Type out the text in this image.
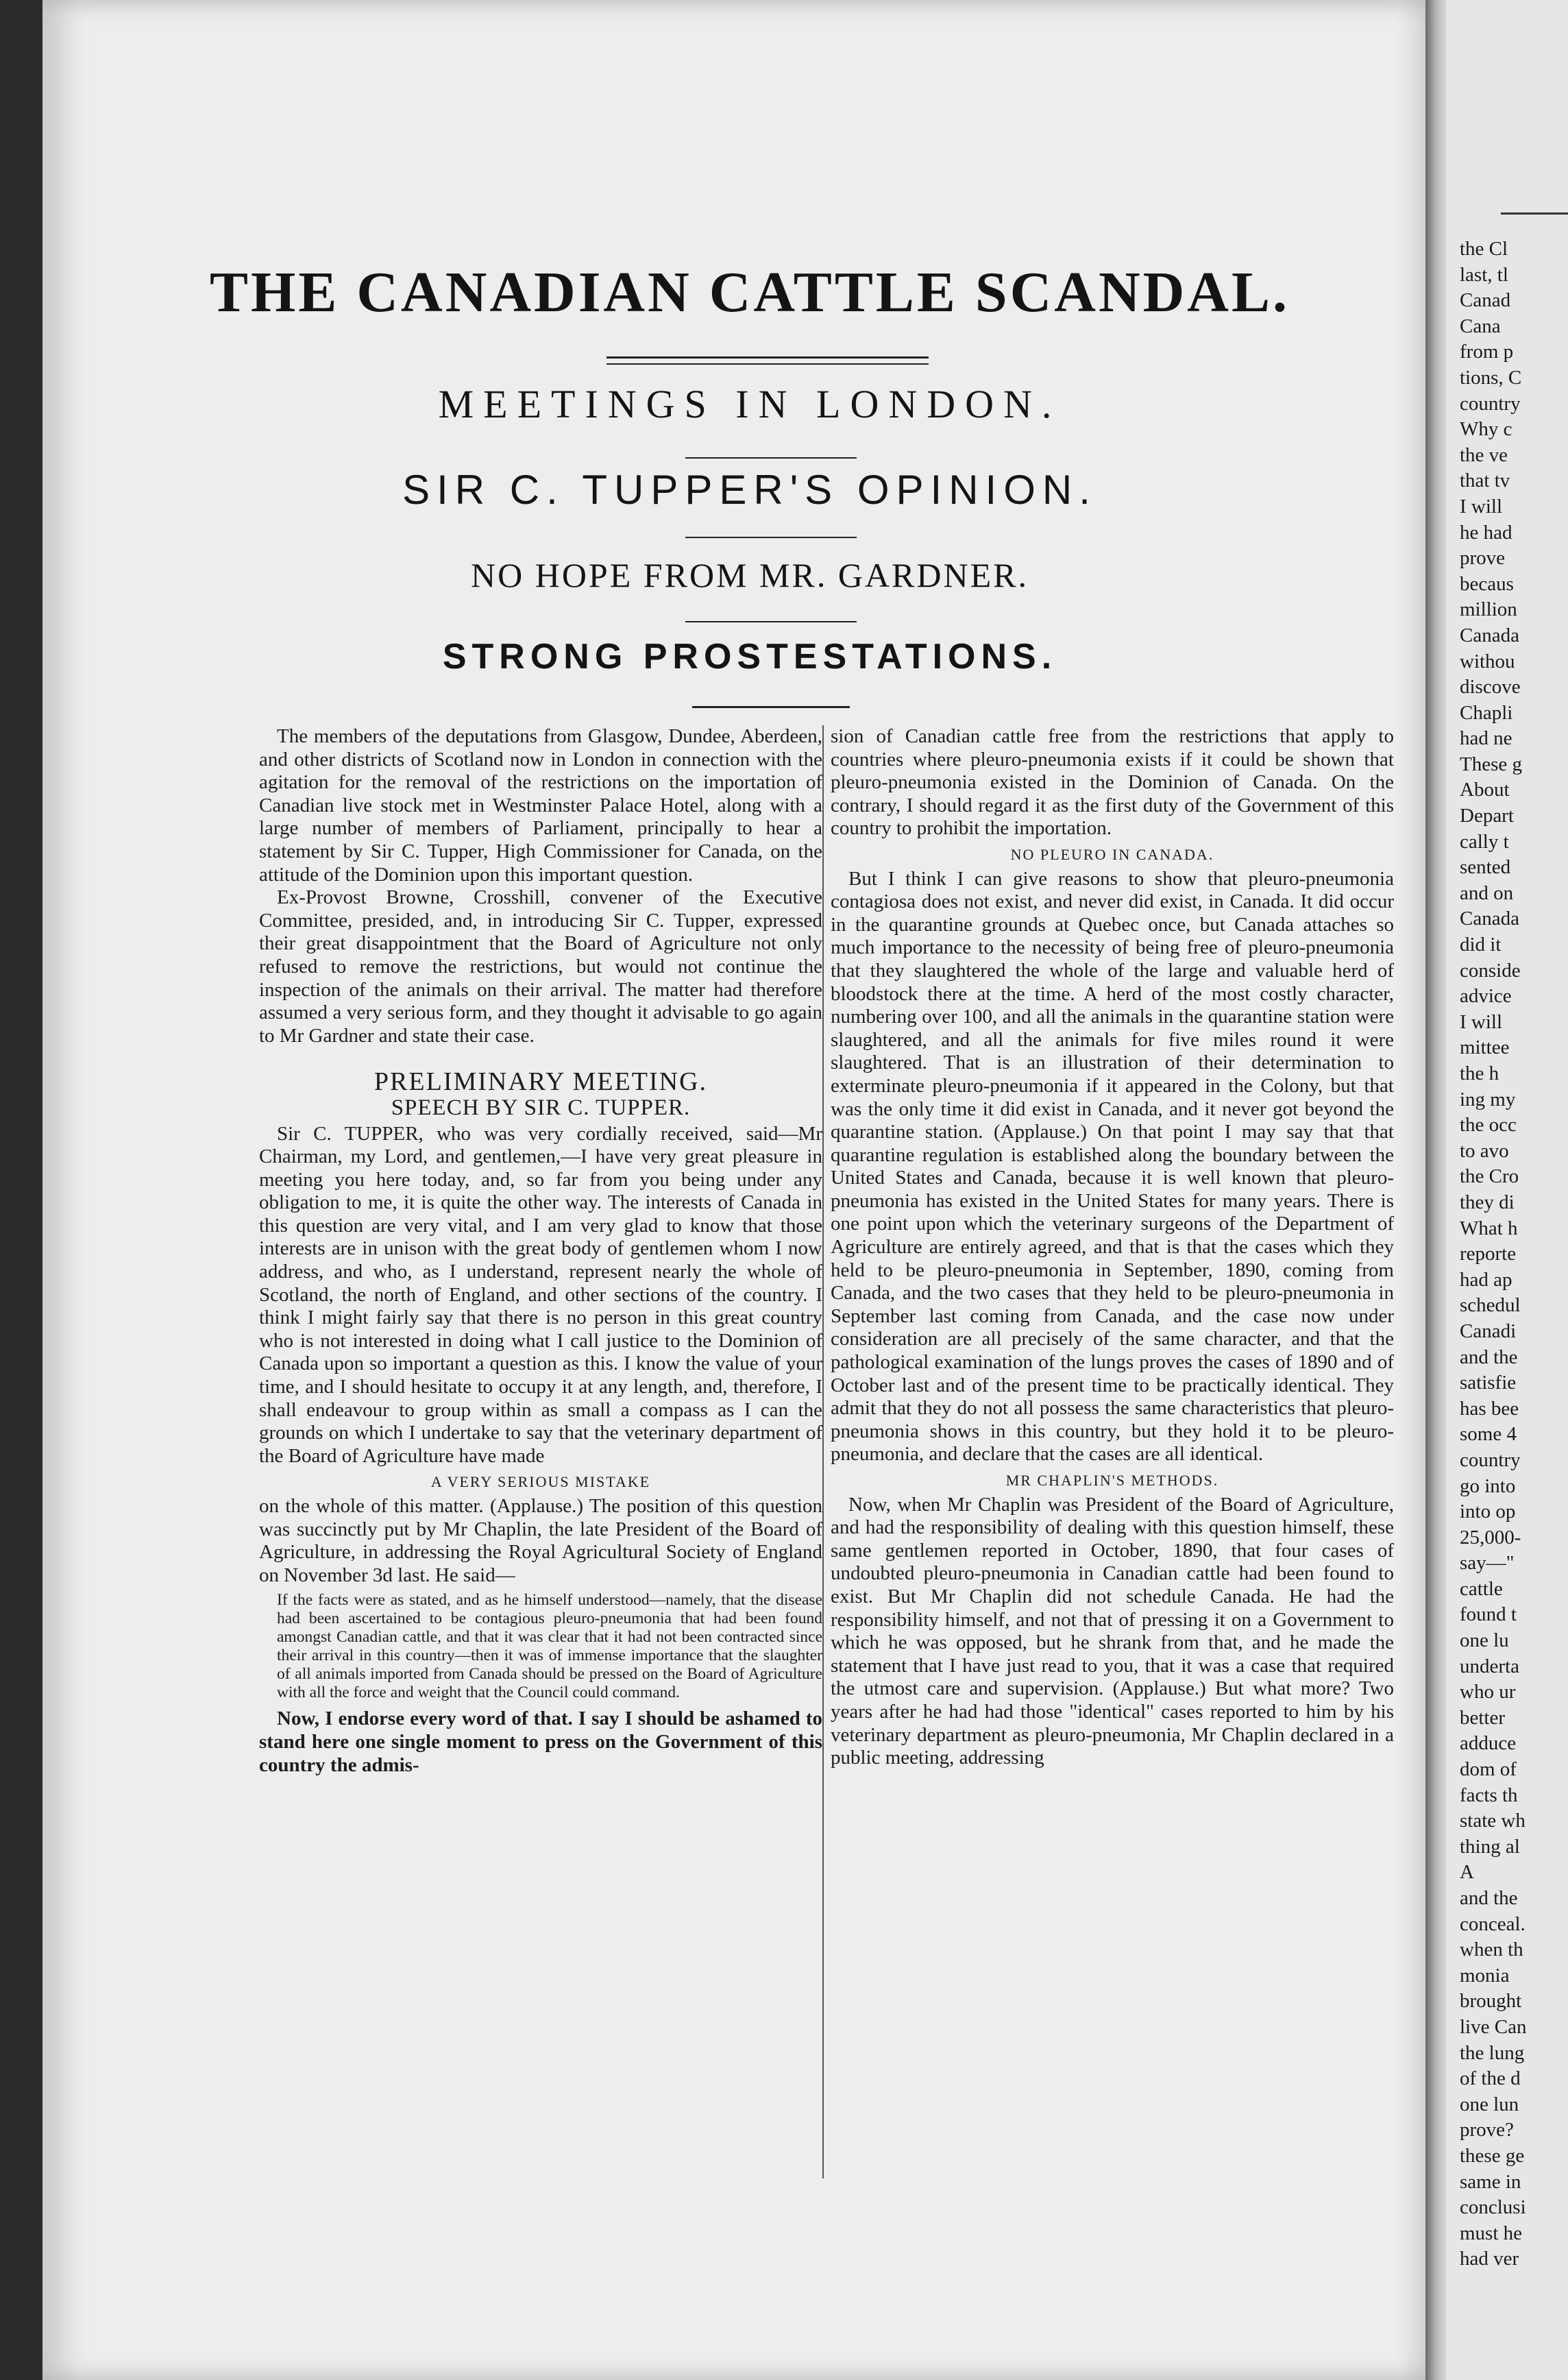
the Cl
last, tl
Canad
Cana
from p
tions, C
country
Why c
the ve
that tv
I will
he had
prove
becaus
million
Canada
withou
discove
Chapli
had ne
These g
About
Depart
cally t
sented
and on
Canada
did it
conside
advice
I will
mittee
the h
ing my
the occ
to avo
the Cro
they di
What h
reporte
had ap
schedul
Canadi
and the
satisfie
has bee
some 4
country
go into
into op
25,000-
say—"
cattle
found t
one lu
underta
who ur
better
adduce
dom of
facts th
state wh
thing al
A
and the
conceal.
when th
monia
brought
live Can
the lung
of the d
one lun
prove?
these ge
same in
conclusi
must he
had ver
THE CANADIAN CATTLE SCANDAL.
MEETINGS IN LONDON.
SIR C. TUPPER'S OPINION.
NO HOPE FROM MR. GARDNER.
STRONG PROSTESTATIONS.

The members of the deputations from Glasgow, Dundee, Aberdeen, and other districts of Scotland now in London in connection with the agitation for the removal of the restrictions on the importation of Canadian live stock met in Westminster Palace Hotel, along with a large number of members of Parliament, principally to hear a statement by Sir C. Tupper, High Commissioner for Canada, on the attitude of the Dominion upon this important question.

Ex-Provost Browne, Crosshill, convener of the Executive Committee, presided, and, in introducing Sir C. Tupper, expressed their great disappointment that the Board of Agriculture not only refused to remove the restrictions, but would not continue the inspection of the animals on their arrival. The matter had therefore assumed a very serious form, and they thought it advisable to go again to Mr Gardner and state their case.

PRELIMINARY MEETING.
SPEECH BY SIR C. TUPPER.

Sir C. TUPPER, who was very cordially received, said—Mr Chairman, my Lord, and gentlemen,—I have very great pleasure in meeting you here today, and, so far from you being under any obligation to me, it is quite the other way. The interests of Canada in this question are very vital, and I am very glad to know that those interests are in unison with the great body of gentlemen whom I now address, and who, as I understand, represent nearly the whole of Scotland, the north of England, and other sections of the country. I think I might fairly say that there is no person in this great country who is not interested in doing what I call justice to the Dominion of Canada upon so important a question as this. I know the value of your time, and I should hesitate to occupy it at any length, and, therefore, I shall endeavour to group within as small a compass as I can the grounds on which I undertake to say that the veterinary department of the Board of Agriculture have made

A VERY SERIOUS MISTAKE

on the whole of this matter. (Applause.) The position of this question was succinctly put by Mr Chaplin, the late President of the Board of Agriculture, in addressing the Royal Agricultural Society of England on November 3d last. He said—

If the facts were as stated, and as he himself understood—namely, that the disease had been ascertained to be contagious pleuro-pneumonia that had been found amongst Canadian cattle, and that it was clear that it had not been contracted since their arrival in this country—then it was of immense importance that the slaughter of all animals imported from Canada should be pressed on the Board of Agriculture with all the force and weight that the Council could command.

Now, I endorse every word of that. I say I should be ashamed to stand here one single moment to press on the Government of this country the admis-

sion of Canadian cattle free from the restrictions that apply to countries where pleuro-pneumonia exists if it could be shown that pleuro-pneumonia existed in the Dominion of Canada. On the contrary, I should regard it as the first duty of the Government of this country to prohibit the importation.

NO PLEURO IN CANADA.

But I think I can give reasons to show that pleuro-pneumonia contagiosa does not exist, and never did exist, in Canada. It did occur in the quarantine grounds at Quebec once, but Canada attaches so much importance to the necessity of being free of pleuro-pneumonia that they slaughtered the whole of the large and valuable herd of bloodstock there at the time. A herd of the most costly character, numbering over 100, and all the animals in the quarantine station were slaughtered, and all the animals for five miles round it were slaughtered. That is an illustration of their determination to exterminate pleuro-pneumonia if it appeared in the Colony, but that was the only time it did exist in Canada, and it never got beyond the quarantine station. (Applause.) On that point I may say that that quarantine regulation is established along the boundary between the United States and Canada, because it is well known that pleuro-pneumonia has existed in the United States for many years. There is one point upon which the veterinary surgeons of the Department of Agriculture are entirely agreed, and that is that the cases which they held to be pleuro-pneumonia in September, 1890, coming from Canada, and the two cases that they held to be pleuro-pneumonia in September last coming from Canada, and the case now under consideration are all precisely of the same character, and that the pathological examination of the lungs proves the cases of 1890 and of October last and of the present time to be practically identical. They admit that they do not all possess the same characteristics that pleuro-pneumonia shows in this country, but they hold it to be pleuro-pneumonia, and declare that the cases are all identical.

MR CHAPLIN'S METHODS.

Now, when Mr Chaplin was President of the Board of Agriculture, and had the responsibility of dealing with this question himself, these same gentlemen reported in October, 1890, that four cases of undoubted pleuro-pneumonia in Canadian cattle had been found to exist. But Mr Chaplin did not schedule Canada. He had the responsibility himself, and not that of pressing it on a Government to which he was opposed, but he shrank from that, and he made the statement that I have just read to you, that it was a case that required the utmost care and supervision. (Applause.) But what more? Two years after he had had those "identical" cases reported to him by his veterinary department as pleuro-pneumonia, Mr Chaplin declared in a public meeting, addressing
